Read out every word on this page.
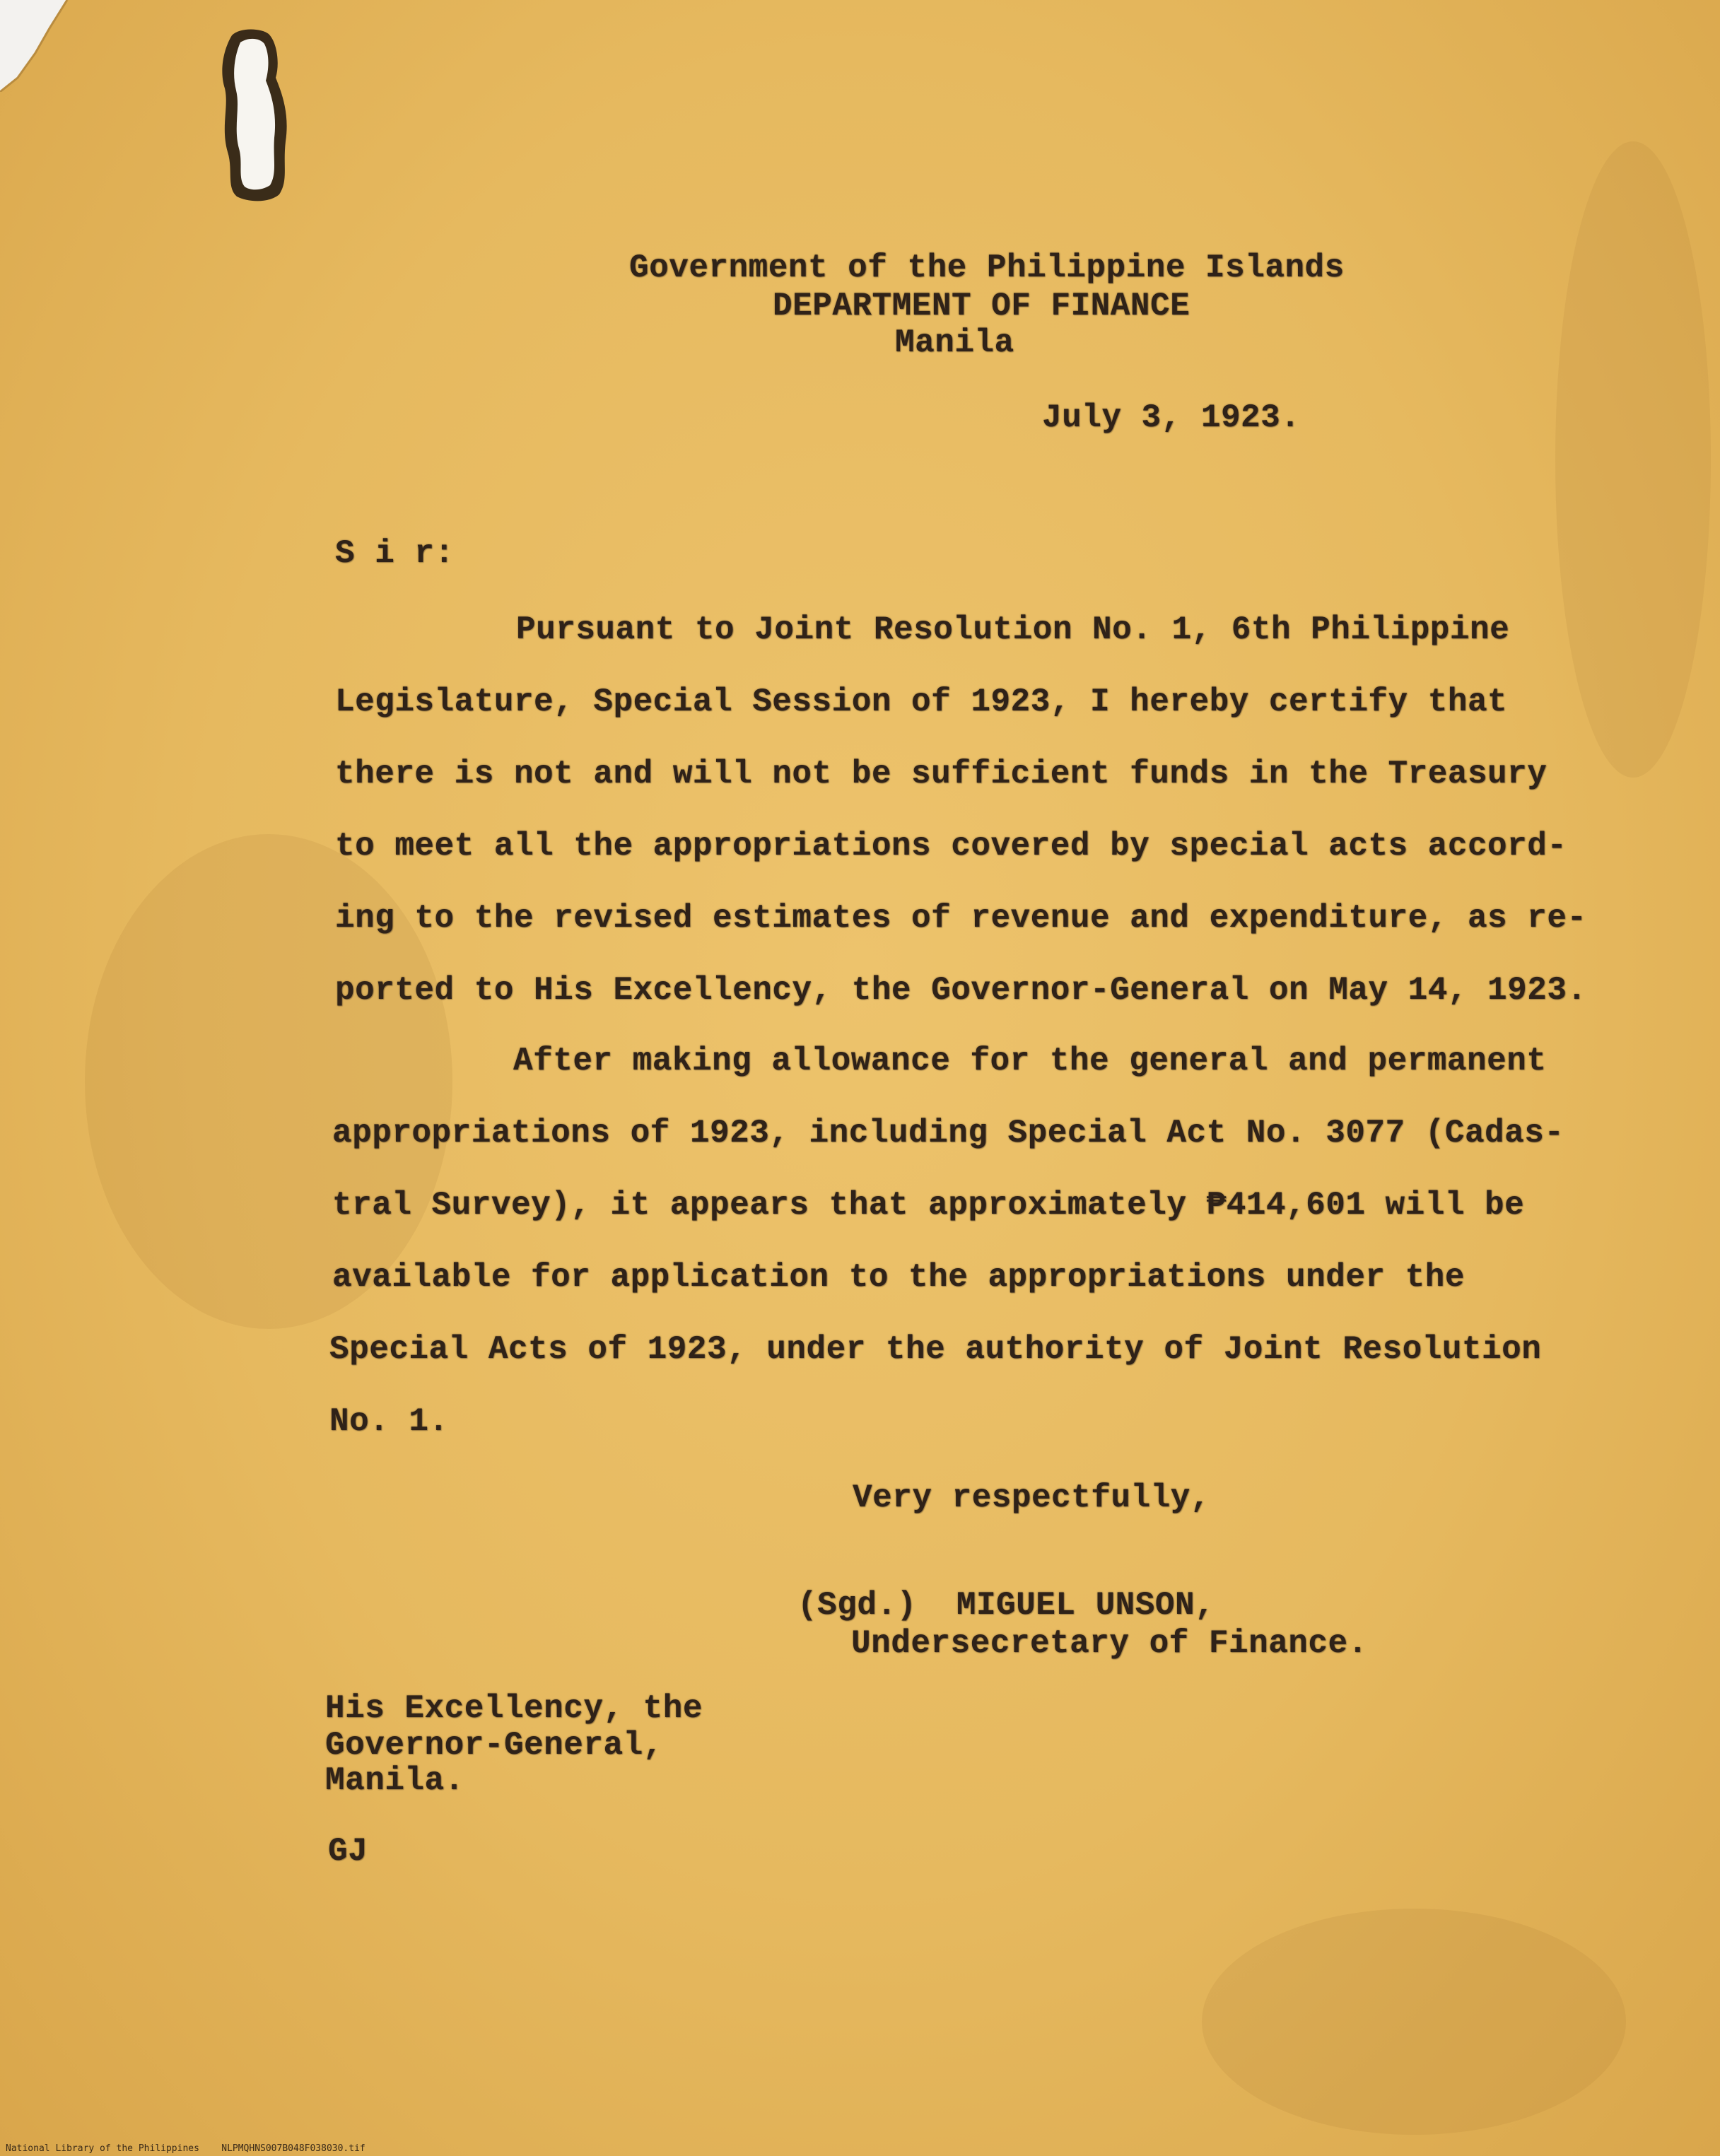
Government of the Philippine Islands
DEPARTMENT OF FINANCE
Manila
July 3, 1923.
S i r:
Pursuant to Joint Resolution No. 1, 6th Philippine
Legislature, Special Session of 1923, I hereby certify that
there is not and will not be sufficient funds in the Treasury
to meet all the appropriations covered by special acts accord-
ing to the revised estimates of revenue and expenditure, as re-
ported to His Excellency, the Governor-General on May 14, 1923.
After making allowance for the general and permanent
appropriations of 1923, including Special Act No. 3077 (Cadas-
tral Survey), it appears that approximately ₱414,601 will be
available for application to the appropriations under the
Special Acts of 1923, under the authority of Joint Resolution
No. 1.
Very respectfully,
(Sgd.)  MIGUEL UNSON,
Undersecretary of Finance.
His Excellency, the
Governor-General,
Manila.
GJ
National Library of the Philippines    NLPMQHNS007B048F038030.tif
